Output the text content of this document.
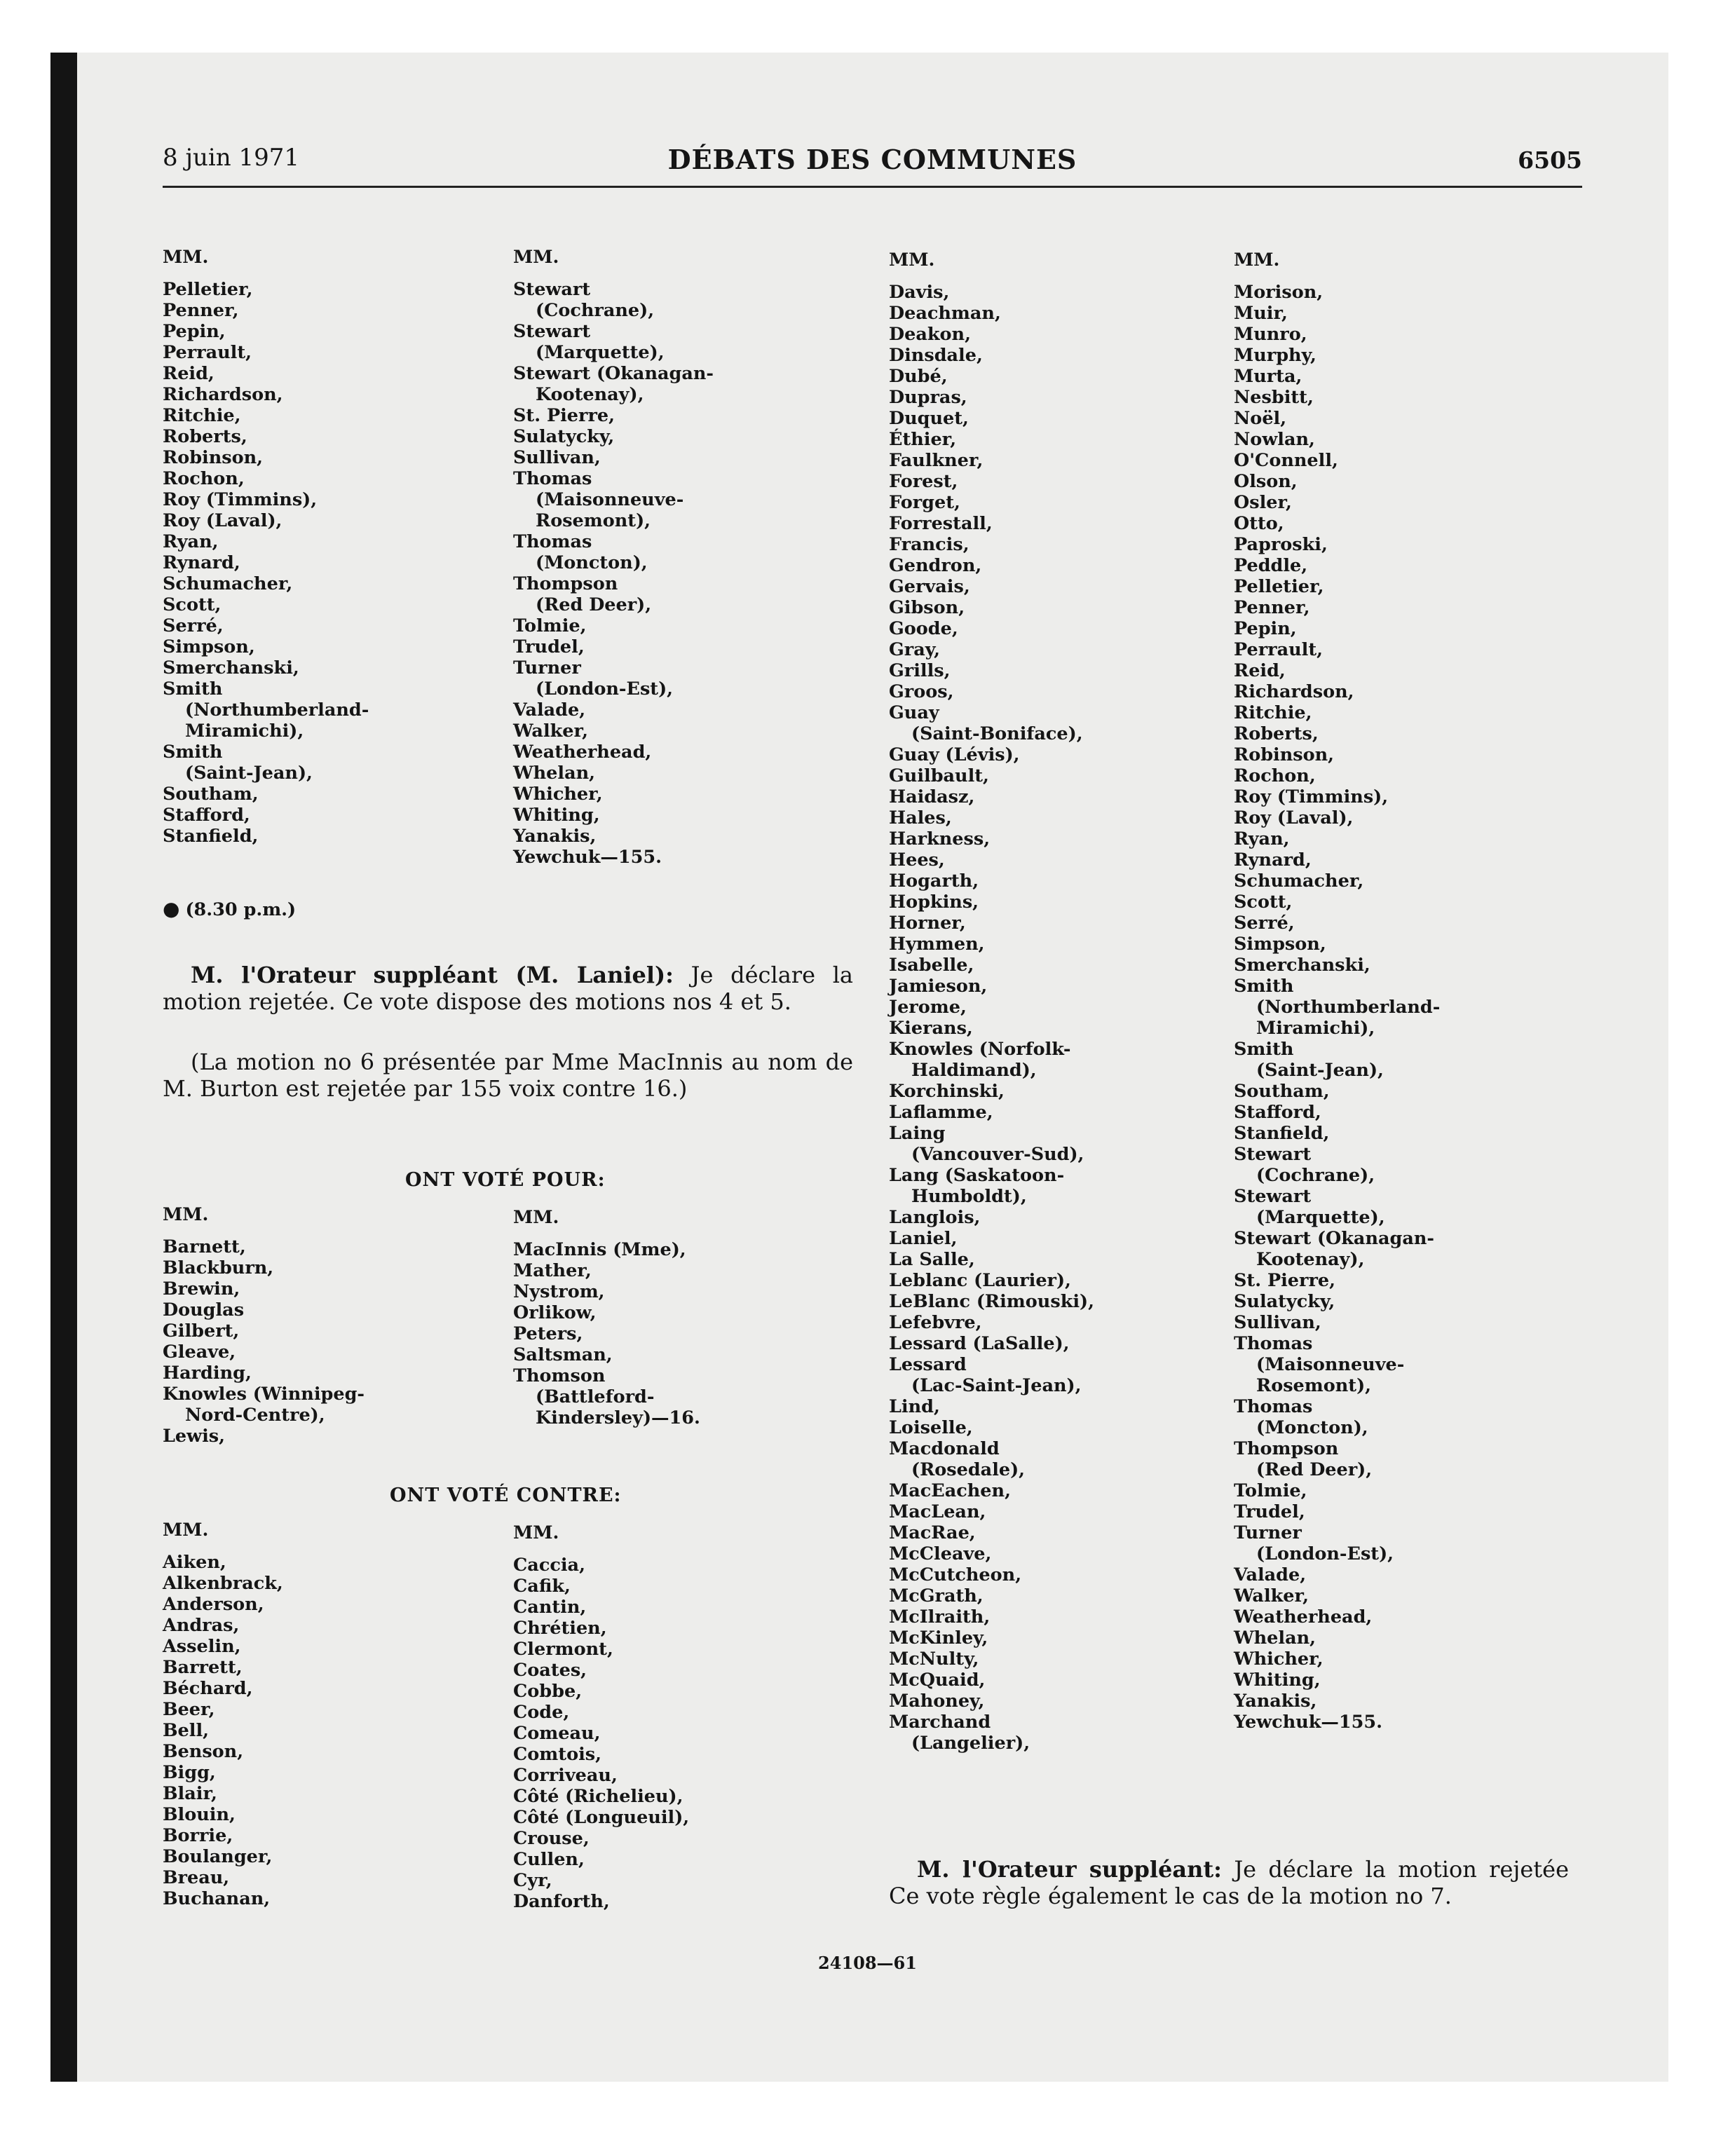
8 juin 1971	DÉBATS DES COMMUNES	6505
MM.
Pelletier,
Penner,
Pepin,
Perrault,
Reid,
Richardson,
Ritchie,
Roberts,
Robinson,
Rochon,
Roy (Timmins),
Roy (Laval),
Ryan,
Rynard,
Schumacher,
Scott,
Serré,
Simpson,
Smerchanski,
Smith
(Northumberland-
Miramichi),
Smith
(Saint-Jean),
Southam,
Stafford,
Stanfield,
MM.
Stewart
(Cochrane),
Stewart
(Marquette),
Stewart (Okanagan-
Kootenay),
St. Pierre,
Sulatycky,
Sullivan,
Thomas
(Maisonneuve-
Rosemont),
Thomas
(Moncton),
Thompson
(Red Deer),
Tolmie,
Trudel,
Turner
(London-Est),
Valade,
Walker,
Weatherhead,
Whelan,
Whicher,
Whiting,
Yanakis,
Yewchuk—155.
● (8.30 p.m.)
M. l'Orateur suppléant (M. Laniel): Je déclare la motion rejetée. Ce vote dispose des motions nos 4 et 5.
(La motion no 6 présentée par Mme MacInnis au nom de M. Burton est rejetée par 155 voix contre 16.)
ONT VOTÉ POUR:
MM.
Barnett,
Blackburn,
Brewin,
Douglas
Gilbert,
Gleave,
Harding,
Knowles (Winnipeg-
Nord-Centre),
Lewis,
MM.
MacInnis (Mme),
Mather,
Nystrom,
Orlikow,
Peters,
Saltsman,
Thomson
(Battleford-
Kindersley)—16.
ONT VOTÉ CONTRE:
MM.
Aiken,
Alkenbrack,
Anderson,
Andras,
Asselin,
Barrett,
Béchard,
Beer,
Bell,
Benson,
Bigg,
Blair,
Blouin,
Borrie,
Boulanger,
Breau,
Buchanan,
MM.
Caccia,
Cafik,
Cantin,
Chrétien,
Clermont,
Coates,
Cobbe,
Code,
Comeau,
Comtois,
Corriveau,
Côté (Richelieu),
Côté (Longueuil),
Crouse,
Cullen,
Cyr,
Danforth,
MM.
Davis,
Deachman,
Deakon,
Dinsdale,
Dubé,
Dupras,
Duquet,
Éthier,
Faulkner,
Forest,
Forget,
Forrestall,
Francis,
Gendron,
Gervais,
Gibson,
Goode,
Gray,
Grills,
Groos,
Guay
(Saint-Boniface),
Guay (Lévis),
Guilbault,
Haidasz,
Hales,
Harkness,
Hees,
Hogarth,
Hopkins,
Horner,
Hymmen,
Isabelle,
Jamieson,
Jerome,
Kierans,
Knowles (Norfolk-
Haldimand),
Korchinski,
Laflamme,
Laing
(Vancouver-Sud),
Lang (Saskatoon-
Humboldt),
Langlois,
Laniel,
La Salle,
Leblanc (Laurier),
LeBlanc (Rimouski),
Lefebvre,
Lessard (LaSalle),
Lessard
(Lac-Saint-Jean),
Lind,
Loiselle,
Macdonald
(Rosedale),
MacEachen,
MacLean,
MacRae,
McCleave,
McCutcheon,
McGrath,
McIlraith,
McKinley,
McNulty,
McQuaid,
Mahoney,
Marchand
(Langelier),
MM.
Morison,
Muir,
Munro,
Murphy,
Murta,
Nesbitt,
Noël,
Nowlan,
O'Connell,
Olson,
Osler,
Otto,
Paproski,
Peddle,
Pelletier,
Penner,
Pepin,
Perrault,
Reid,
Richardson,
Ritchie,
Roberts,
Robinson,
Rochon,
Roy (Timmins),
Roy (Laval),
Ryan,
Rynard,
Schumacher,
Scott,
Serré,
Simpson,
Smerchanski,
Smith
(Northumberland-
Miramichi),
Smith
(Saint-Jean),
Southam,
Stafford,
Stanfield,
Stewart
(Cochrane),
Stewart
(Marquette),
Stewart (Okanagan-
Kootenay),
St. Pierre,
Sulatycky,
Sullivan,
Thomas
(Maisonneuve-
Rosemont),
Thomas
(Moncton),
Thompson
(Red Deer),
Tolmie,
Trudel,
Turner
(London-Est),
Valade,
Walker,
Weatherhead,
Whelan,
Whicher,
Whiting,
Yanakis,
Yewchuk—155.
M. l'Orateur suppléant: Je déclare la motion rejetée Ce vote règle également le cas de la motion no 7.
24108—61
